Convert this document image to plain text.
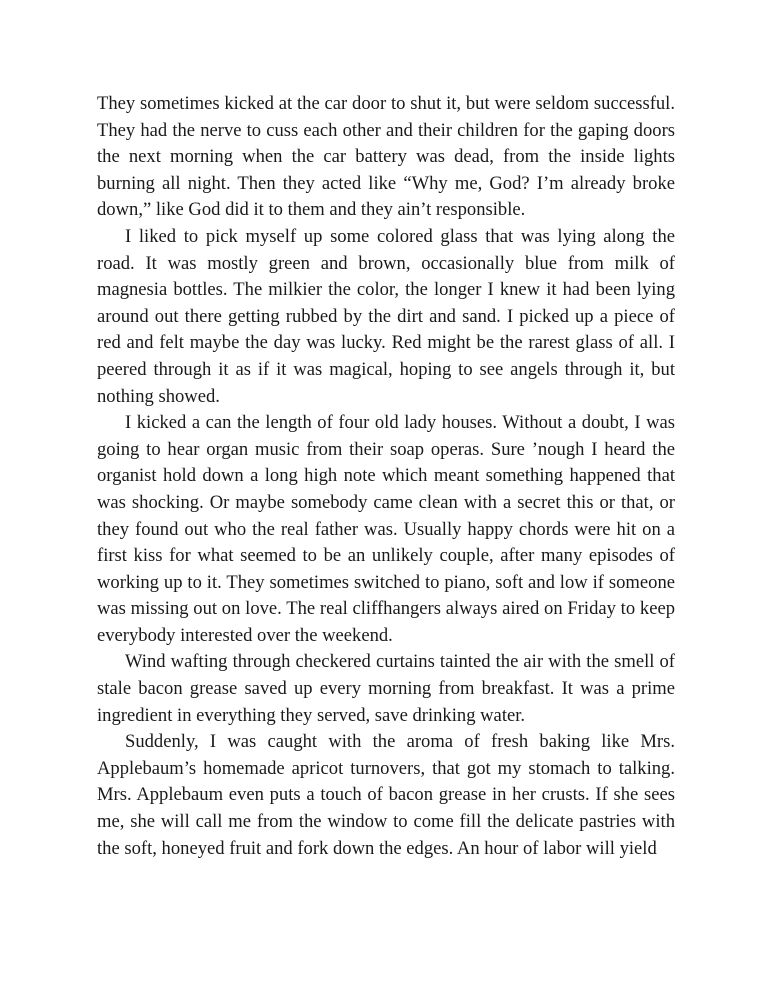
They sometimes kicked at the car door to shut it, but were seldom successful. They had the nerve to cuss each other and their children for the gaping doors the next morning when the car battery was dead, from the inside lights burning all night. Then they acted like “Why me, God? I’m already broke down,” like God did it to them and they ain’t responsible.

I liked to pick myself up some colored glass that was lying along the road. It was mostly green and brown, occasionally blue from milk of magnesia bottles. The milkier the color, the longer I knew it had been lying around out there getting rubbed by the dirt and sand. I picked up a piece of red and felt maybe the day was lucky. Red might be the rarest glass of all. I peered through it as if it was magical, hoping to see angels through it, but nothing showed.

I kicked a can the length of four old lady houses. Without a doubt, I was going to hear organ music from their soap operas. Sure ’nough I heard the organist hold down a long high note which meant something happened that was shocking. Or maybe somebody came clean with a secret this or that, or they found out who the real father was. Usually happy chords were hit on a first kiss for what seemed to be an unlikely couple, after many episodes of working up to it. They sometimes switched to piano, soft and low if someone was missing out on love. The real cliffhangers always aired on Friday to keep everybody interested over the weekend.

Wind wafting through checkered curtains tainted the air with the smell of stale bacon grease saved up every morning from breakfast. It was a prime ingredient in everything they served, save drinking water.

Suddenly, I was caught with the aroma of fresh baking like Mrs. Applebaum’s homemade apricot turnovers, that got my stomach to talking. Mrs. Applebaum even puts a touch of bacon grease in her crusts. If she sees me, she will call me from the window to come fill the delicate pastries with the soft, honeyed fruit and fork down the edges. An hour of labor will yield
